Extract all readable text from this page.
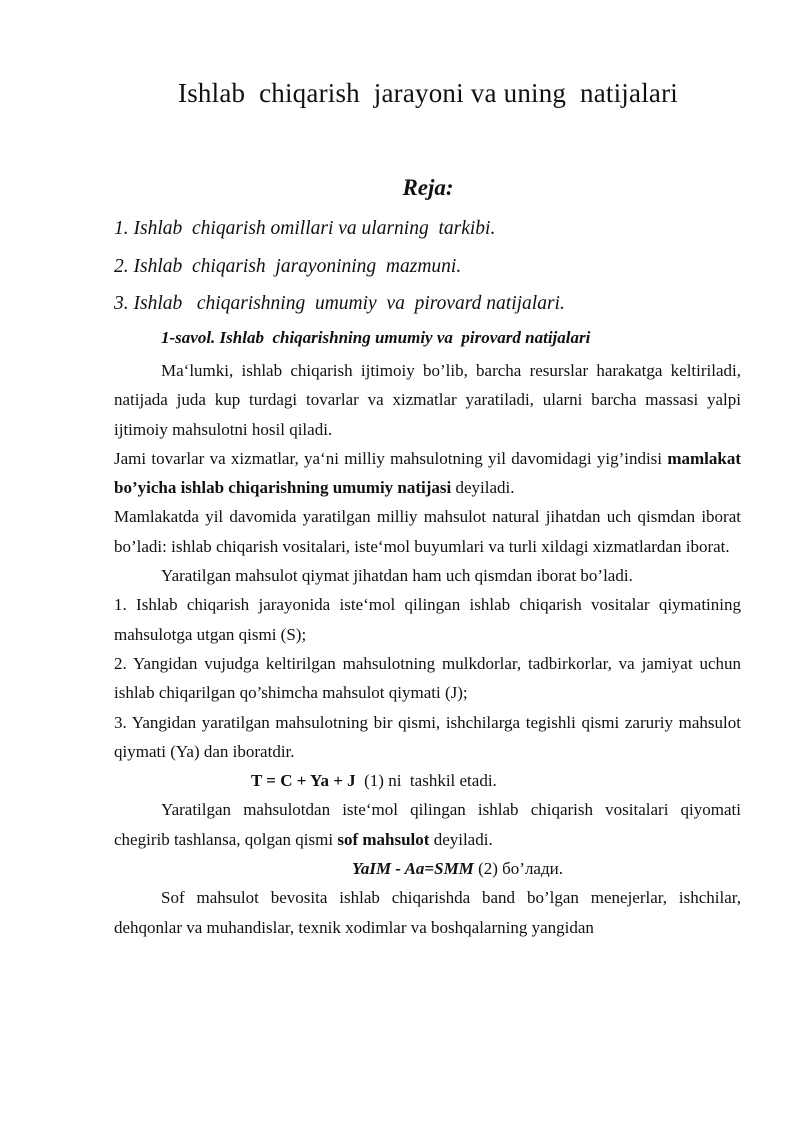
Ishlab  chiqarish  jarayoni va uning  natijalari
Reja:
1. Ishlab  chiqarish omillari va ularning  tarkibi.
2. Ishlab  chiqarish  jarayonining  mazmuni.
3. Ishlab   chiqarishning  umumiy  va  pirovard natijalari.
1-savol. Ishlab  chiqarishning umumiy va  pirovard natijalari

Ma‘lumki, ishlab chiqarish ijtimoiy bo’lib, barcha resurslar harakatga keltiriladi, natijada juda kup turdagi tovarlar va xizmatlar yaratiladi, ularni barcha massasi yalpi ijtimoiy mahsulotni hosil qiladi.

Jami tovarlar va xizmatlar, ya‘ni milliy mahsulotning yil davomidagi yig’indisi mamlakat bo’yicha ishlab chiqarishning umumiy natijasi deyiladi.

Mamlakatda yil davomida yaratilgan milliy mahsulot natural jihatdan uch qismdan iborat bo’ladi: ishlab chiqarish vositalari, iste‘mol buyumlari va turli xildagi xizmatlardan iborat.

Yaratilgan mahsulot qiymat jihatdan ham uch qismdan iborat bo’ladi.

1. Ishlab chiqarish jarayonida iste‘mol qilingan ishlab chiqarish vositalar qiymatining mahsulotga utgan qismi (S);

2. Yangidan vujudga keltirilgan mahsulotning mulkdorlar, tadbirkorlar, va jamiyat uchun ishlab chiqarilgan qo’shimcha mahsulot qiymati (J);

3. Yangidan yaratilgan mahsulotning bir qismi, ishchilarga tegishli qismi zaruriy mahsulot qiymati (Ya) dan iboratdir.

T = C + Ya + J  (1) ni  tashkil etadi.

Yaratilgan mahsulotdan iste‘mol qilingan ishlab chiqarish vositalari qiyomati chegirib tashlansa, qolgan qismi sof mahsulot deyiladi.

YaIM - Aa=SMM (2) бо’лади.

Sof mahsulot bevosita ishlab chiqarishda band bo’lgan menejerlar, ishchilar, dehqonlar va muhandislar, texnik xodimlar va boshqalarning yangidan
